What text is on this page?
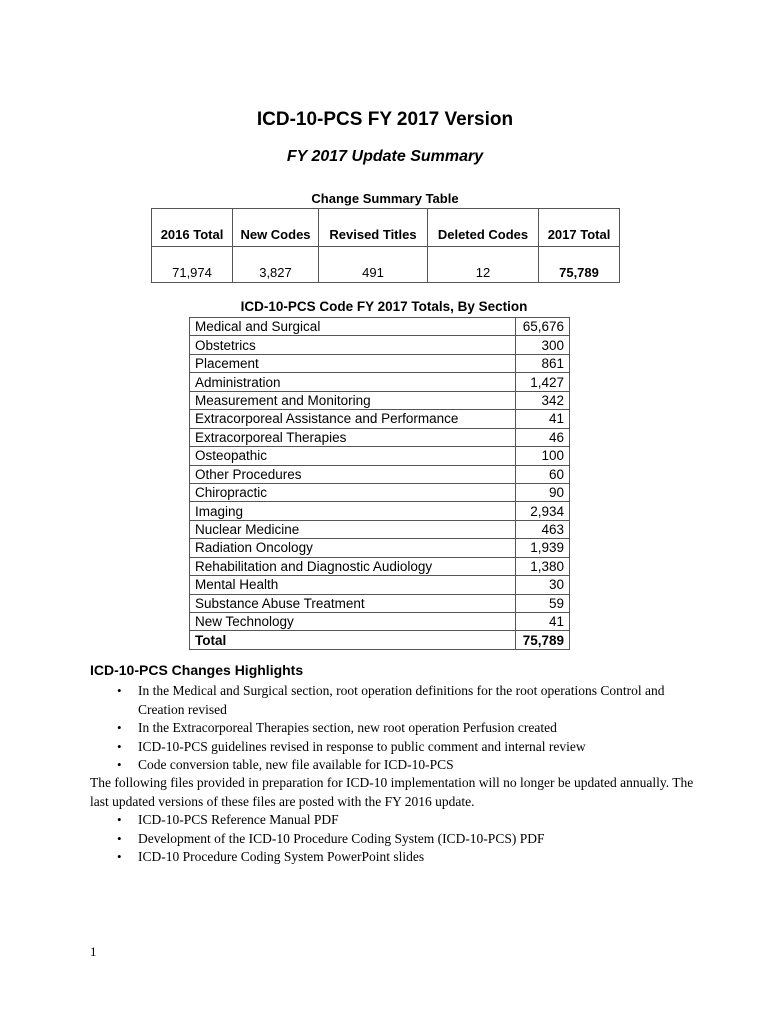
ICD-10-PCS FY 2017 Version
FY 2017 Update Summary
Change Summary Table
2016 Total	New Codes	Revised Titles	Deleted Codes	2017 Total
71,974	3,827	491	12	75,789
ICD-10-PCS Code FY 2017 Totals, By Section
Medical and Surgical	65,676
Obstetrics	300
Placement	861
Administration	1,427
Measurement and Monitoring	342
Extracorporeal Assistance and Performance	41
Extracorporeal Therapies	46
Osteopathic	100
Other Procedures	60
Chiropractic	90
Imaging	2,934
Nuclear Medicine	463
Radiation Oncology	1,939
Rehabilitation and Diagnostic Audiology	1,380
Mental Health	30
Substance Abuse Treatment	59
New Technology	41
Total	75,789
ICD-10-PCS Changes Highlights
• In the Medical and Surgical section, root operation definitions for the root operations Control and Creation revised
• In the Extracorporeal Therapies section, new root operation Perfusion created
• ICD-10-PCS guidelines revised in response to public comment and internal review
• Code conversion table, new file available for ICD-10-PCS

The following files provided in preparation for ICD-10 implementation will no longer be updated annually. The last updated versions of these files are posted with the FY 2016 update.

• ICD-10-PCS Reference Manual PDF
• Development of the ICD-10 Procedure Coding System (ICD-10-PCS) PDF
• ICD-10 Procedure Coding System PowerPoint slides
1
